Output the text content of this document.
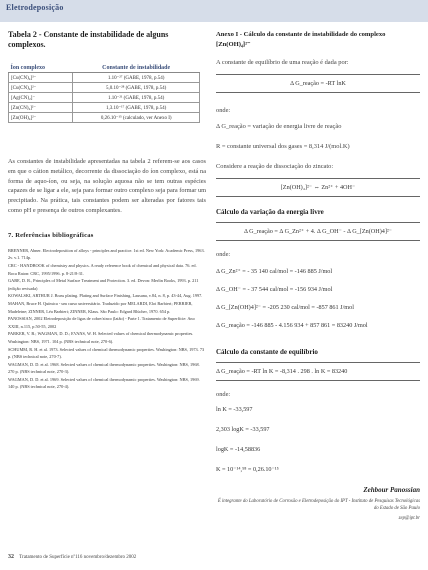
Eletrodeposição
Tabela 2 - Constante de instabilidade de alguns complexos.
Íon complexo	Constante de instabilidade
[Cu(CN)₄]³⁻	1.10⁻²⁷ (GABE, 1978, p.54)
[Cu(CN)₄]²⁻	5,0.10⁻²⁸ (GABE, 1978, p.54)
[Ag(CN)₂]⁻	1.10⁻²¹ (GABE, 1978, p.54)
[Zn(CN)₄]²⁻	1,3.10⁻¹⁷ (GABE, 1978, p.54)
[Zn(OH)₄]²⁻	0,26.10⁻¹⁵ (calculado, ver Anexo I)

As constantes de instabilidade apresentadas na tabela 2 referem-se aos casos em que o cátion metálico, decorrente da dissociação do íon complexo, está na forma de aquo-íon, ou seja, na solução aquosa não se tem outras espécies capazes de se ligar a ele, seja para formar outro complexo seja para formar um precipitado. Na prática, tais constantes podem ser alteradas por fatores tais como pH e presença de outros complexantes.

7. Referências bibliográficas
BRENNER, Abner. Electrodeposition of alloys - principles and practice. 1st ed. New York: Academic Press, 1963. 2v. v.1. 714p.
CRC - HANDBOOK of chemistry and physics. A ready reference book of chemical and physical data. 76. ed. Boca Raton: CRC, 1995/1996. p. 8-21/8-31.
GABE, D. R., Principles of Metal Surface Treatment and Protection. 3. ed. Devon: Merlin Books, 1993. p. 211 (edição revisada)
KOWALSKI, ARTHUR J. Brass plating. Plating and Surface Finishing, Lausana, v.84, n. 8, p. 43-44, Aug. 1997.
MAHAN, Bruce H. Química - um curso universitário. Traduzido por MELARDI, Eloi Barbieri; PERRIER, Madeleine; ZINNER, Léa Barbieri; ZINNER, Klaus. São Paulo: Edgard Blücher, 1970. 654 p.
PANOSSIAN, 2002 Eletrodeposição de ligas de cobre/zinco (latão) - Parte 1. Tratamento de Superfície: Ano XXIII, n.115, p.50-55, 2002
PARKER, V. B.; WAGMAN, D. D.; EVANS, W. H. Selected values of chemical thermodynamic properties. Washington: NBS, 1971. 104 p. (NBS technical note, 270-6).
SCHUMM, R. H. et al. 1973. Selected values of chemical thermodynamic properties. Washington: NBS, 1973. 73 p. (NBS technical note, 270-7).
WAGMAN, D. D. et al. 1968. Selected values of chemical thermodynamic properties. Washington: NBS, 1968. 270 p. (NBS technical note, 270-3).
WAGMAN, D. D. et al. 1969. Selected values of chemical thermodynamic properties. Washington: NBS, 1969. 140 p. (NBS technical note, 270-4).
32 Tratamento de Superfície nº116 novembro/dezembro 2002
Anexo I - Cálculo da constante de instabilidade do complexo [Zn(OH)₄]²⁻
A constante de equilíbrio de uma reação é dada por:
Δ G_reação = -RT lnK
onde:
Δ G_reação = variação de energia livre de reação
R = constante universal dos gases = 8,314 J/(mol.K)
Considere a reação de dissociação do zincato:
[Zn(OH)₄]²⁻ ⇔ Zn²⁺ + 4OH⁻
Cálculo da variação da energia livre
Δ G_reação = Δ G_Zn²⁺ + 4. Δ G_OH⁻ - Δ G_[Zn(OH)4]²⁻
onde:
Δ G_Zn²⁺ = - 35 140 cal/mol = -146 885 J/mol
Δ G_OH⁻ = - 37 544 cal/mol = -156 934 J/mol
Δ G_[Zn(OH)4]²⁻ = -205 230 cal/mol = -857 861 J/mol
Δ G_reação = -146 885 - 4.156 934 + 857 861 = 83240 J/mol
Cálculo da constante de equilíbrio
Δ G_reação = -RT ln K = -8,314 . 298 . ln K = 83240
onde:
ln K = -33,597
2,303 logK = -33,597
logK = -14,58836
K = 10⁻¹⁴,⁵⁸ = 0,26.10⁻¹⁵
Zehbour Panossian
É integrante do Laboratório de Corrosão e Eletrodeposição do IPT - Instituto de Pesquisas Tecnológicas do Estado de São Paulo
zep@ipt.br
